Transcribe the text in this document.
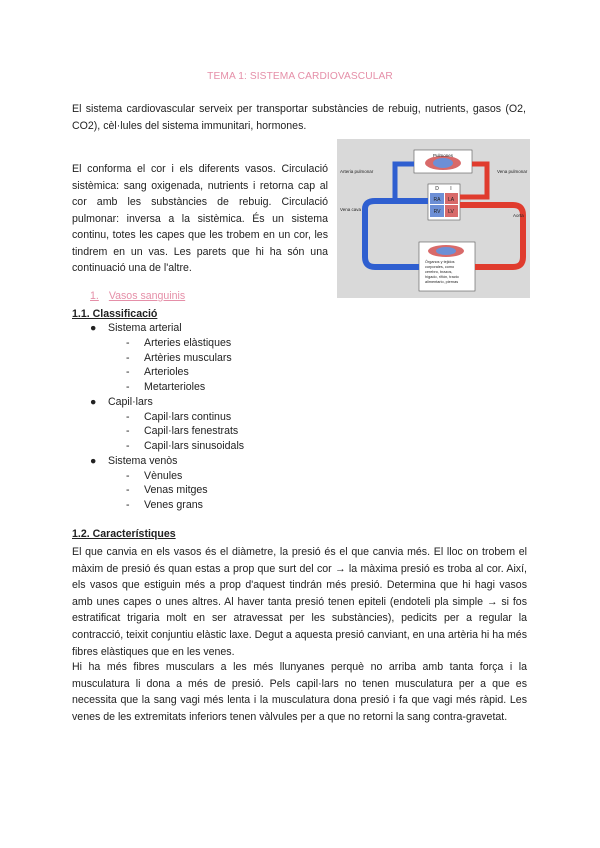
TEMA 1: SISTEMA CARDIOVASCULAR
El sistema cardiovascular serveix per transportar substàncies de rebuig, nutrients, gasos (O2, CO2), cèl·lules del sistema immunitari, hormones.
El conforma el cor i els diferents vasos. Circulació sistèmica: sang oxigenada, nutrients i retorna cap al cor amb les substàncies de rebuig. Circulació pulmonar: inversa a la sistèmica. És un sistema continu, totes les capes que les trobem en un cor, les tindrem en un vas. Les parets que hi ha són una continuació una de l'altre.
Pulmones
Órganos y tejidos
corporales, como
cerebro, brazos,
hígado, riñón, tracto
alimentario, piernas
D I
RA LA
RV LV
Arteria pulmonar	Vena pulmonar
Vena cava
Aorta
1. Vasos sanguinis
1.1. Classificació
● Sistema arterial
- Arteries elàstiques
- Artèries musculars
- Arterioles
- Metarterioles
● Capil·lars
- Capil·lars continus
- Capil·lars fenestrats
- Capil·lars sinusoidals
● Sistema venòs
- Vènules
- Venas mitges
- Venes grans
1.2. Característiques
El que canvia en els vasos és el diàmetre, la presió és el que canvia més. El lloc on trobem el màxim de presió és quan estas a prop que surt del cor → la màxima presió es troba al cor. Així, els vasos que estiguin més a prop d'aquest tindrán més presió. Determina que hi hagi vasos amb unes capes o unes altres. Al haver tanta presió tenen epiteli (endoteli pla simple → si fos estratificat trigaria molt en ser atravessat per les substàncies), pedicits per a regular la contracció, teixit conjuntiu elàstic laxe. Degut a aquesta presió canviant, en una artèria hi ha més fibres elàstiques que en les venes.
Hi ha més fibres musculars a les més llunyanes perquè no arriba amb tanta força i la musculatura li dona a més de presió. Pels capil·lars no tenen musculatura per a que es necessita que la sang vagi més lenta i la musculatura dona presió i fa que vagi més ràpid. Les venes de les extremitats inferiors tenen vàlvules per a que no retorni la sang contra-gravetat.
